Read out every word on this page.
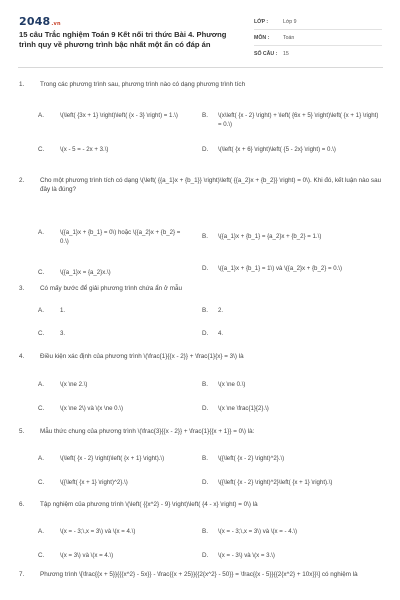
2048.vn
15 câu Trắc nghiệm Toán 9 Kết nối tri thức Bài 4. Phương trình quy về phương trình bậc nhất một ẩn có đáp án
LỚP :	Lớp 9
MÔN :	Toán
SỐ CÂU :	15
1.	Trong các phương trình sau, phương trình nào có dạng phương trình tích
A.	\(\left( {3x + 1} \right)\left( {x - 3} \right) = 1.\)	B.	\(x\left( {x - 2} \right) + \left( {6x + 5} \right)\left( {x + 1} \right) = 0.\)
C.	\(x - 5 = - 2x + 3.\)	D.	\(\left( {x + 6} \right)\left( {5 - 2x} \right) = 0.\)
2.	Cho một phương trình tích có dạng \(\left( {{a_1}x + {b_1}} \right)\left( {{a_2}x + {b_2}} \right) = 0\). Khi đó, kết luận nào sau đây là đúng?
A.	\({a_1}x + {b_1} = 0\) hoặc \({a_2}x + {b_2} = 0.\)
B.	\({a_1}x + {b_1} = {a_2}x + {b_2} = 1.\)
C.	\({a_1}x = {a_2}x.\)
D.	\({a_1}x + {b_1} = 1\) và \({a_2}x + {b_2} = 0.\)
3.	Có mấy bước để giải phương trình chứa ẩn ở mẫu
A.	1.	B.	2.
C.	3.	D.	4.
4.	Điều kiện xác định của phương trình \(\frac{1}{{x - 2}} + \frac{1}{x} = 3\) là
A.	\(x \ne 2.\)	B.	\(x \ne 0.\)
C.	\(x \ne 2\) và \(x \ne 0.\)	D.	\(x \ne \frac{1}{2}.\)
5.	Mẫu thức chung của phương trình \(\frac{3}{{x - 2}} + \frac{1}{{x + 1}} = 0\) là:
A.	\(\left( {x - 2} \right)\left( {x + 1} \right).\)	B.	\({\left( {x - 2} \right)^2}.\)
C.	\({\left( {x + 1} \right)^2}.\)	D.	\({\left( {x - 2} \right)^2}\left( {x + 1} \right).\)
6.	Tập nghiệm của phương trình \(\left( {{x^2} - 9} \right)\left( {4 - x} \right) = 0\) là
A.	\(x = - 3;\,x = 3\) và \(x = 4.\)	B.	\(x = - 3;\,x = 3\) và \(x = - 4.\)
C.	\(x = 3\) và \(x = 4.\)	D.	\(x = - 3\) và \(x = 3.\)
7.	Phương trình \[\frac{{x + 5}}{{{x^2} - 5x}} - \frac{{x + 25}}{{2{x^2} - 50}} = \frac{{x - 5}}{{2{x^2} + 10x}}\] có nghiệm là
